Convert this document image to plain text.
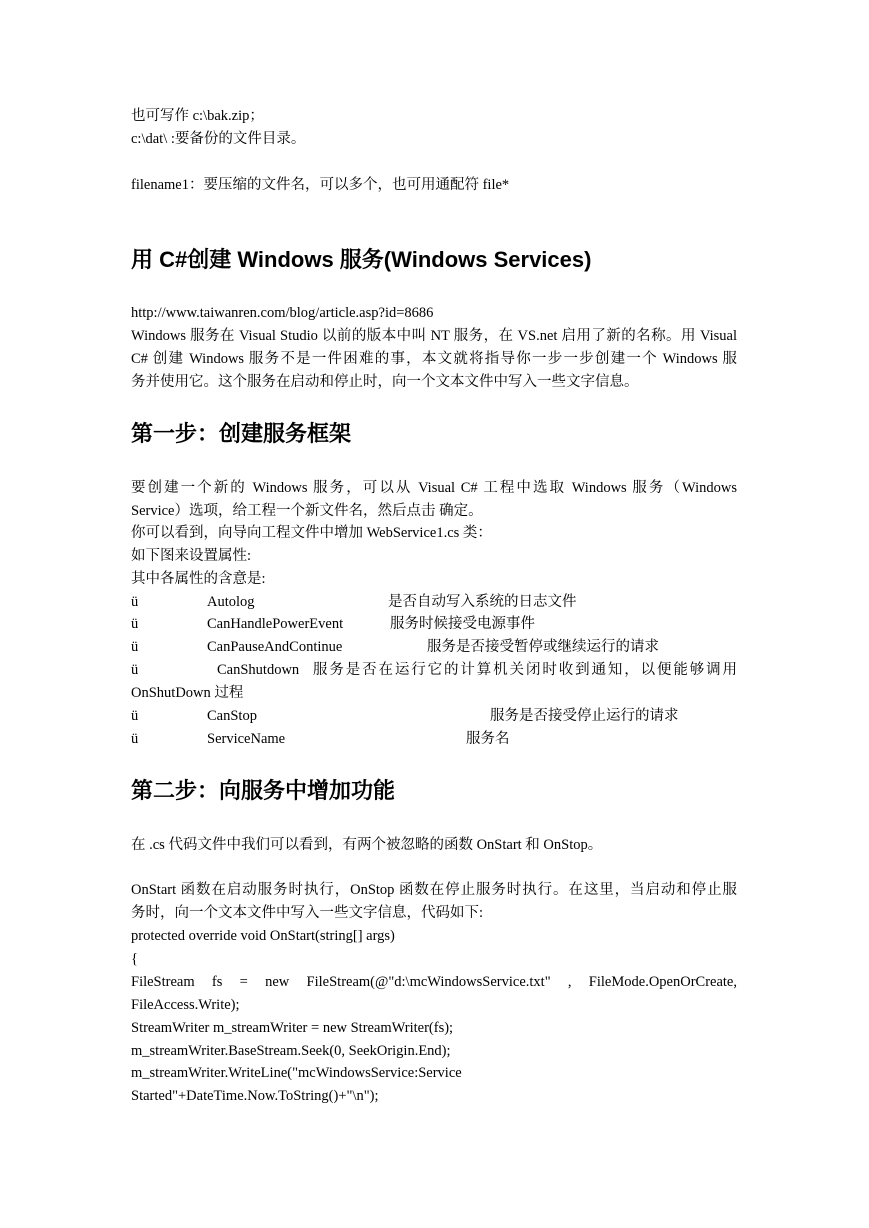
也可写作 c:\bak.zip；
c:\dat\ :要备份的文件目录。
filename1：要压缩的文件名，可以多个，也可用通配符 file*
用 C#创建 Windows 服务(Windows Services)
http://www.taiwanren.com/blog/article.asp?id=8686
Windows 服务在 Visual Studio 以前的版本中叫 NT 服务，在 VS.net 启用了新的名称。用 Visual
C# 创建 Windows 服务不是一件困难的事，本文就将指导你一步一步创建一个 Windows 服
务并使用它。这个服务在启动和停止时，向一个文本文件中写入一些文字信息。
第一步：创建服务框架
要创建一个新的 Windows 服务，可以从 Visual C# 工程中选取 Windows 服务（Windows
Service）选项，给工程一个新文件名，然后点击 确定。
你可以看到，向导向工程文件中增加 WebService1.cs 类：
如下图来设置属性:
其中各属性的含意是:
ü	Autolog	是否自动写入系统的日志文件
ü	CanHandlePowerEvent	服务时候接受电源事件
ü	CanPauseAndContinue	服务是否接受暂停或继续运行的请求
ü	CanShutdown 服务是否在运行它的计算机关闭时收到通知，以便能够调用
OnShutDown 过程
ü	CanStop	服务是否接受停止运行的请求
ü	ServiceName	服务名
第二步：向服务中增加功能
在 .cs 代码文件中我们可以看到，有两个被忽略的函数 OnStart 和 OnStop。
OnStart 函数在启动服务时执行，OnStop 函数在停止服务时执行。在这里，当启动和停止服
务时，向一个文本文件中写入一些文字信息，代码如下:
protected override void OnStart(string[] args)
{
FileStream fs = new FileStream(@"d:\mcWindowsService.txt" , FileMode.OpenOrCreate,
FileAccess.Write);
StreamWriter m_streamWriter = new StreamWriter(fs);
m_streamWriter.BaseStream.Seek(0, SeekOrigin.End);
m_streamWriter.WriteLine("mcWindowsService:Service
Started"+DateTime.Now.ToString()+"\n");
